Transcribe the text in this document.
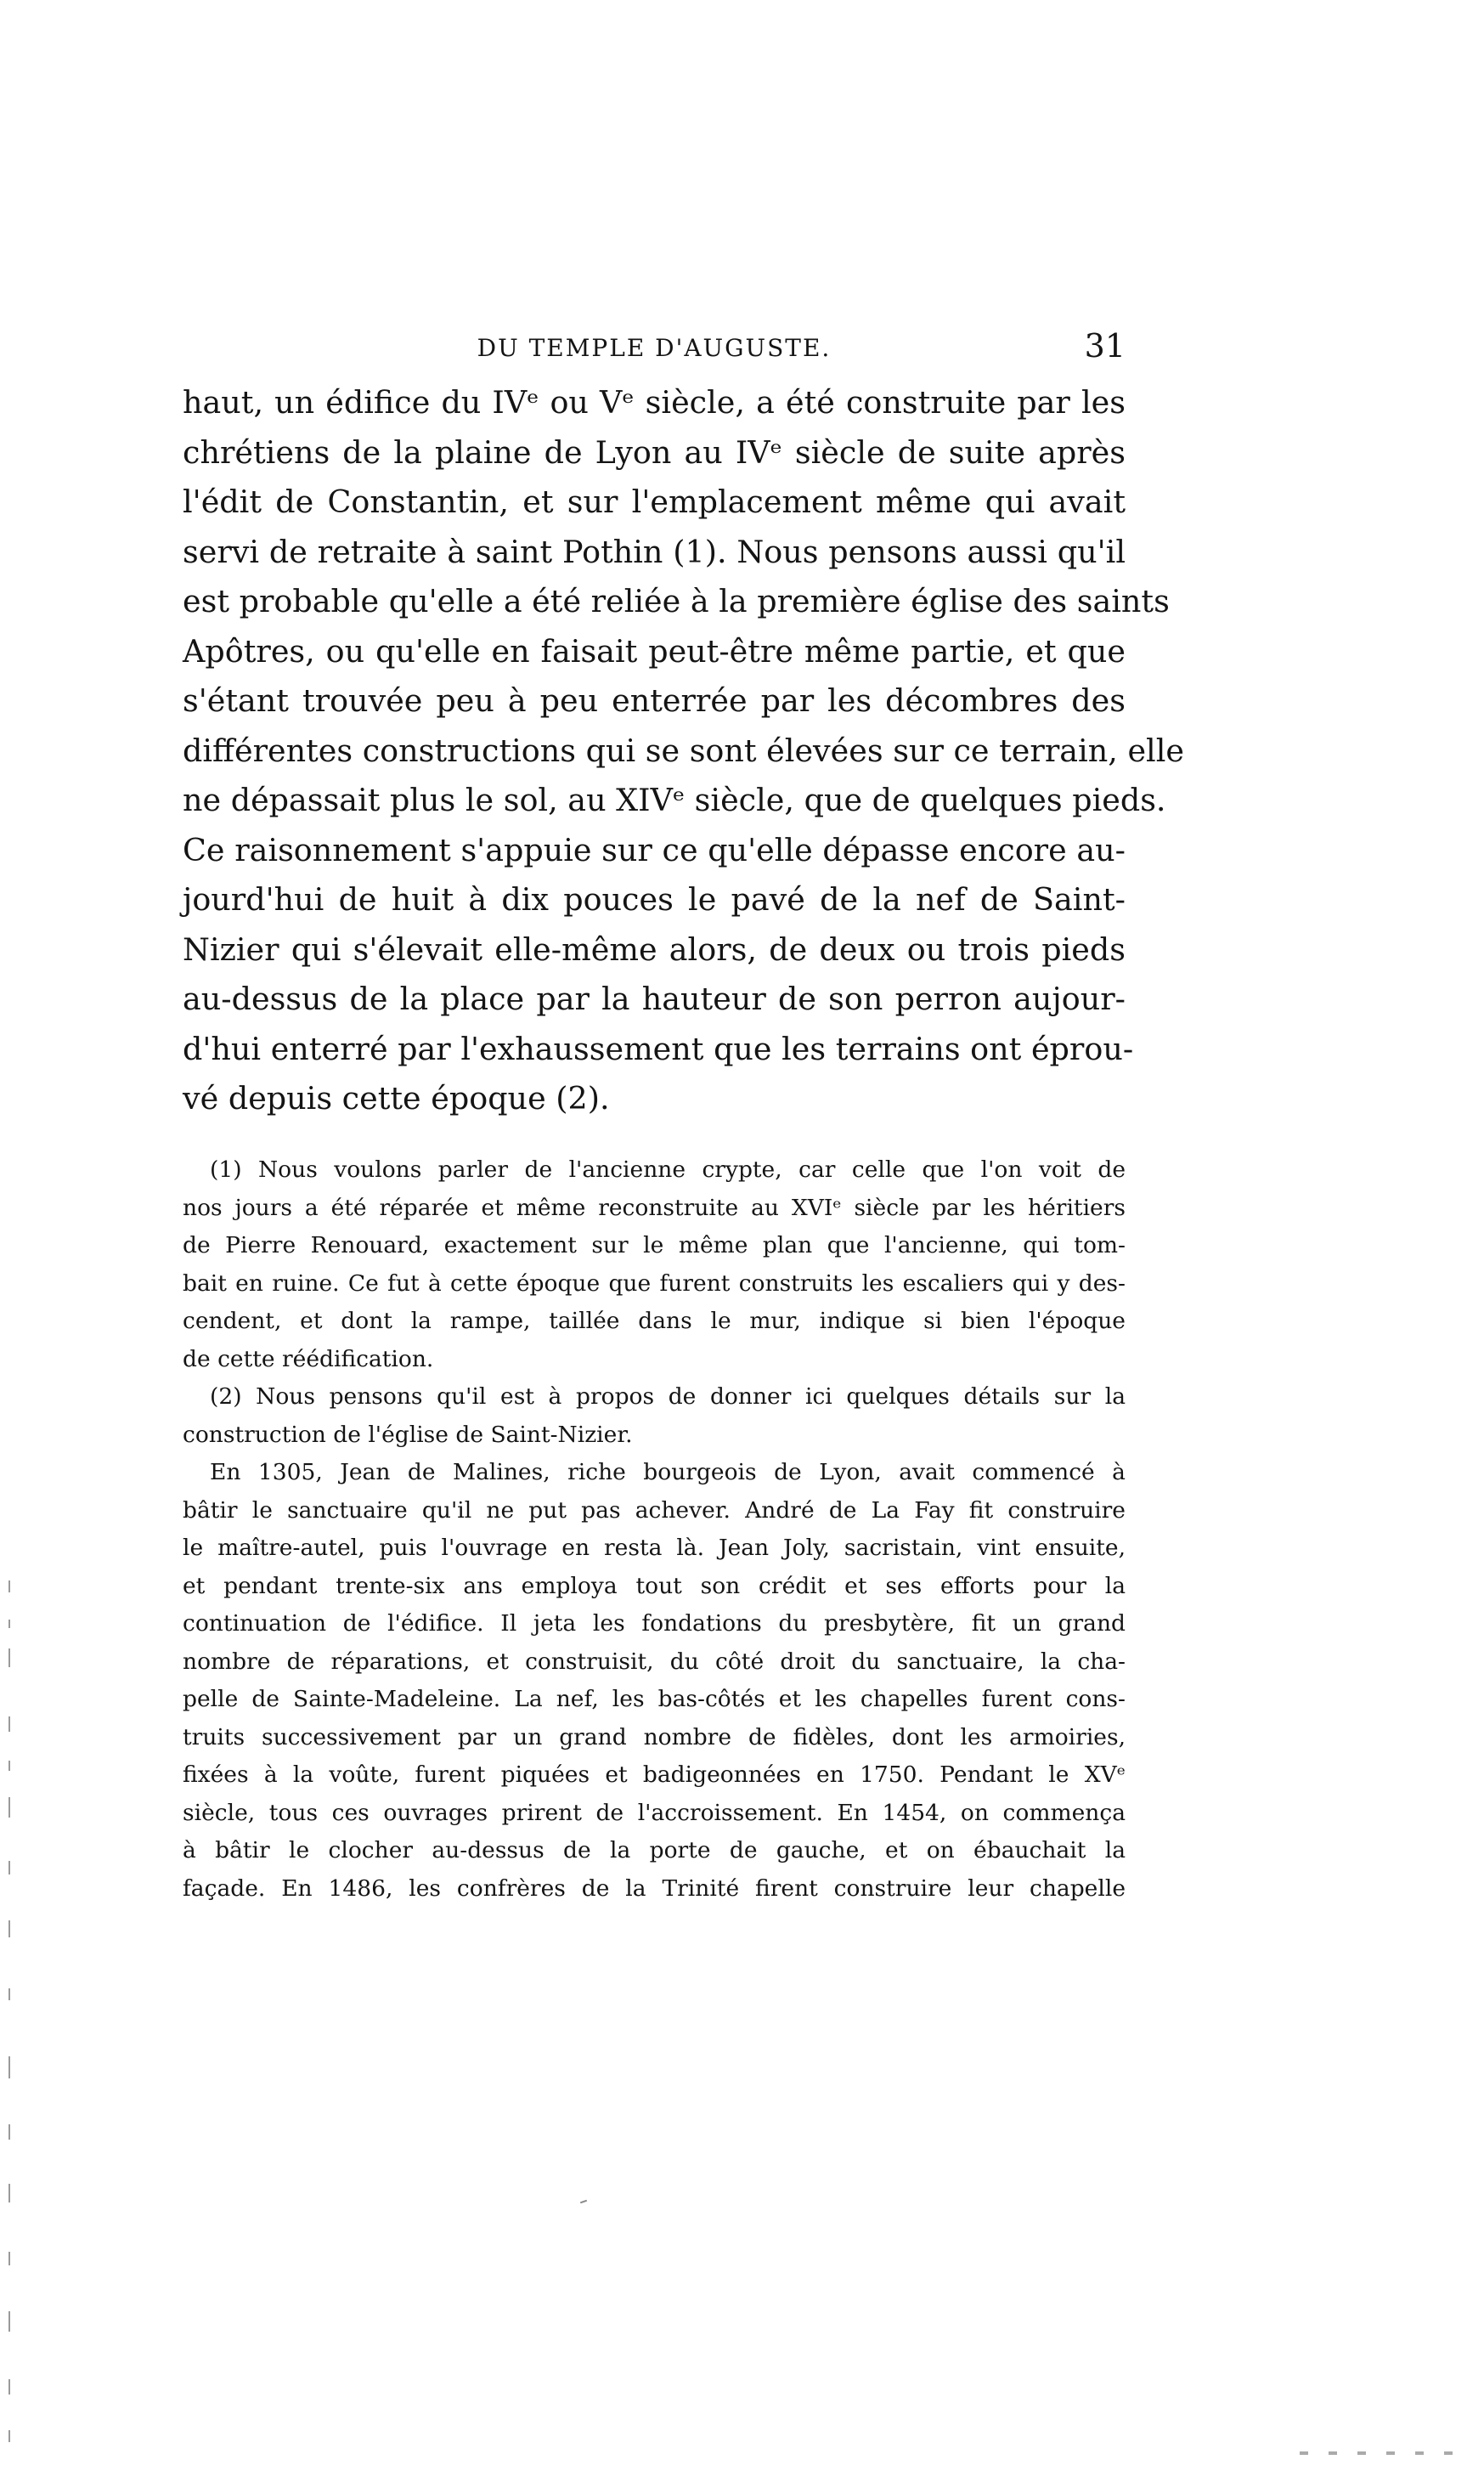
DU TEMPLE D'AUGUSTE.	31
haut, un édifice du IVᵉ ou Vᵉ siècle, a été construite par les
chrétiens de la plaine de Lyon au IVᵉ siècle de suite après
l'édit de Constantin, et sur l'emplacement même qui avait
servi de retraite à saint Pothin (1). Nous pensons aussi qu'il
est probable qu'elle a été reliée à la première église des saints
Apôtres, ou qu'elle en faisait peut-être même partie, et que
s'étant trouvée peu à peu enterrée par les décombres des
différentes constructions qui se sont élevées sur ce terrain, elle
ne dépassait plus le sol, au XIVᵉ siècle, que de quelques pieds.
Ce raisonnement s'appuie sur ce qu'elle dépasse encore au-
jourd'hui de huit à dix pouces le pavé de la nef de Saint-
Nizier qui s'élevait elle-même alors, de deux ou trois pieds
au-dessus de la place par la hauteur de son perron aujour-
d'hui enterré par l'exhaussement que les terrains ont éprou-
vé depuis cette époque (2).
(1) Nous voulons parler de l'ancienne crypte, car celle que l'on voit de
nos jours a été réparée et même reconstruite au XVIᵉ siècle par les héritiers
de Pierre Renouard, exactement sur le même plan que l'ancienne, qui tom-
bait en ruine. Ce fut à cette époque que furent construits les escaliers qui y des-
cendent, et dont la rampe, taillée dans le mur, indique si bien l'époque
de cette réédification.
(2) Nous pensons qu'il est à propos de donner ici quelques détails sur la
construction de l'église de Saint-Nizier.
En 1305, Jean de Malines, riche bourgeois de Lyon, avait commencé à
bâtir le sanctuaire qu'il ne put pas achever. André de La Fay fit construire
le maître-autel, puis l'ouvrage en resta là. Jean Joly, sacristain, vint ensuite,
et pendant trente-six ans employa tout son crédit et ses efforts pour la
continuation de l'édifice. Il jeta les fondations du presbytère, fit un grand
nombre de réparations, et construisit, du côté droit du sanctuaire, la cha-
pelle de Sainte-Madeleine. La nef, les bas-côtés et les chapelles furent cons-
truits successivement par un grand nombre de fidèles, dont les armoiries,
fixées à la voûte, furent piquées et badigeonnées en 1750. Pendant le XVᵉ
siècle, tous ces ouvrages prirent de l'accroissement. En 1454, on commença
à bâtir le clocher au-dessus de la porte de gauche, et on ébauchait la
façade. En 1486, les confrères de la Trinité firent construire leur chapelle
